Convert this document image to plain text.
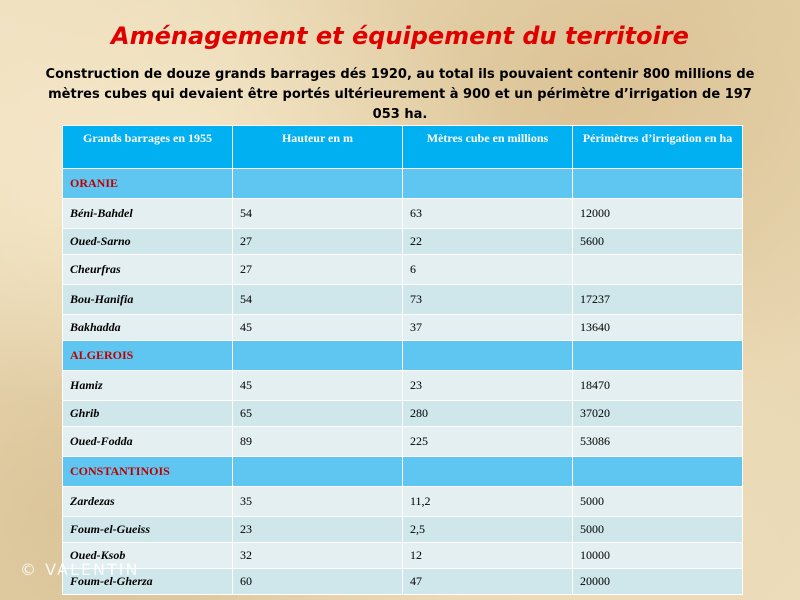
Aménagement et équipement du territoire
Construction de douze grands barrages dés 1920, au total ils pouvaient contenir 800 millions de mètres cubes qui devaient être portés ultérieurement à 900 et un périmètre d’irrigation de 197 053 ha.
Grands barrages en 1955	Hauteur en m	Mètres cube en millions	Périmètres d’irrigation en ha
ORANIE			
Béni-Bahdel	54	63	12000
Oued-Sarno	27	22	5600
Cheurfras	27	6	
Bou-Hanifia	54	73	17237
Bakhadda	45	37	13640
ALGEROIS			
Hamiz	45	23	18470
Ghrib	65	280	37020
Oued-Fodda	89	225	53086
CONSTANTINOIS			
Zardezas	35	11,2	5000
Foum-el-Gueiss	23	2,5	5000
Oued-Ksob	32	12	10000
Foum-el-Gherza	60	47	20000
© VALENTIN
